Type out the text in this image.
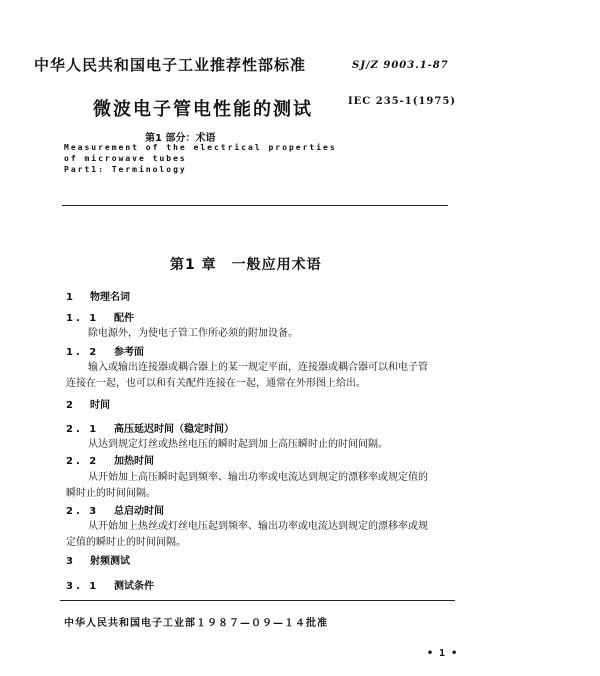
中华人民共和国电子工业推荐性部标准	SJ/Z 9003.1-87
微波电子管电性能的测试	IEC 235-1(1975)
第1 部分：术语
Measurement of the electrical properties
of microwave tubes
Part1: Terminology
第1 章　一般应用术语
1 物理名词
1. 1 配件
除电源外，为使电子管工作所必须的附加设备。
1. 2 参考面
输入或输出连接器或耦合器上的某一规定平面，连接器或耦合器可以和电子管
连接在一起，也可以和有关配件连接在一起，通常在外形图上给出。
2 时间
2. 1 高压延迟时间（稳定时间）
从达到规定灯丝或热丝电压的瞬时起到加上高压瞬时止的时间间隔。
2. 2 加热时间
从开始加上高压瞬时起到频率、输出功率或电流达到规定的漂移率或规定值的
瞬时止的时间间隔。
2. 3 总启动时间
从开始加上热丝或灯丝电压起到频率、输出功率或电流达到规定的漂移率或规
定值的瞬时止的时间间隔。
3 射频测试
3. 1 测试条件
中华人民共和国电子工业部１９８７—０９—１４批准
• 1 •
